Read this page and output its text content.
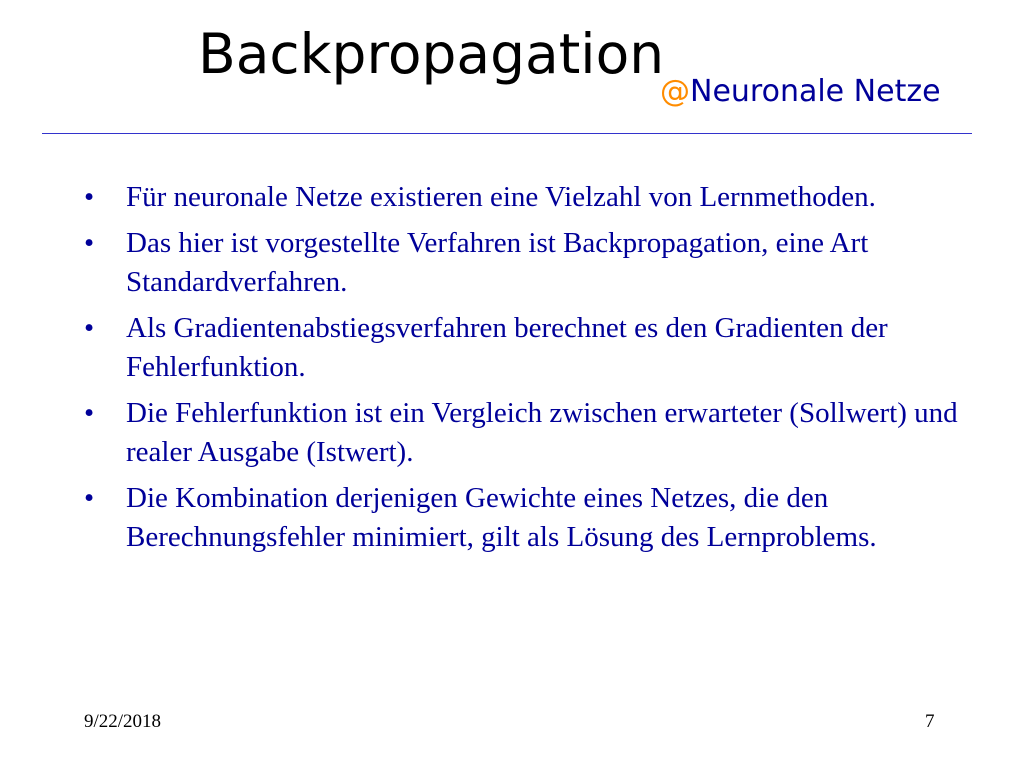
Backpropagation
@Neuronale Netze
• Für neuronale Netze existieren eine Vielzahl von Lernmethoden.
• Das hier ist vorgestellte Verfahren ist Backpropagation, eine Art Standardverfahren.
• Als Gradientenabstiegsverfahren berechnet es den Gradienten der Fehlerfunktion.
• Die Fehlerfunktion ist ein Vergleich zwischen erwarteter (Sollwert) und realer Ausgabe (Istwert).
• Die Kombination derjenigen Gewichte eines Netzes, die den Berechnungsfehler minimiert, gilt als Lösung des Lernproblems.
9/22/2018	7
